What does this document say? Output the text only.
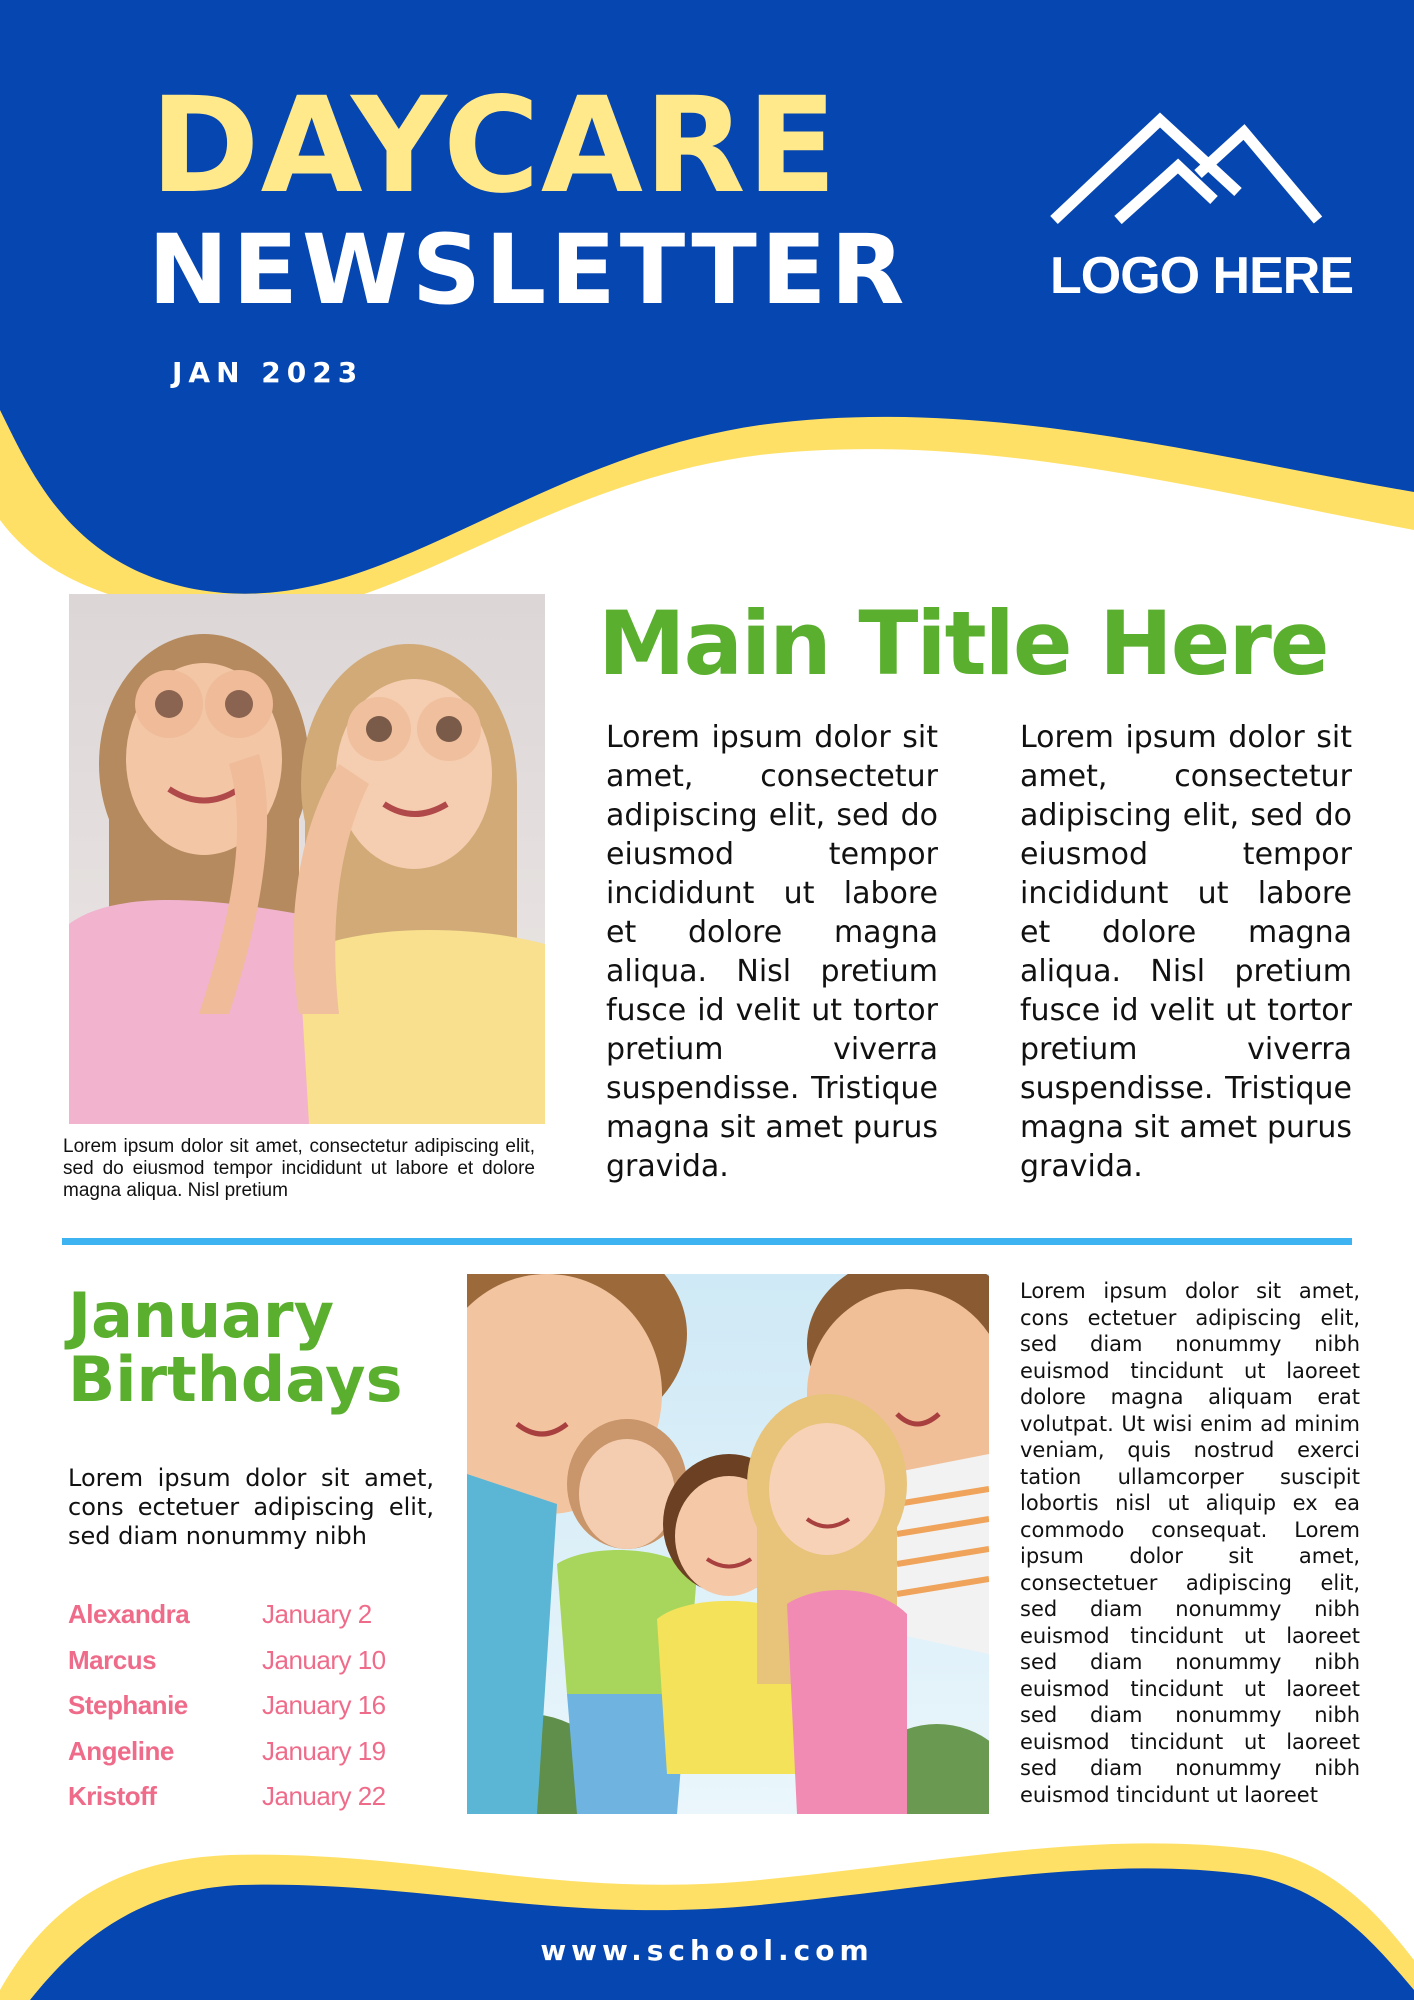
DAYCARE
NEWSLETTER
JAN 2023
LOGO HERE
Lorem ipsum dolor sit amet, consectetur adipiscing elit, sed do eiusmod tempor incididunt ut labore et dolore magna aliqua. Nisl pretium
Main Title Here
Lorem ipsum dolor sit amet, consectetur adipiscing elit, sed do eiusmod tempor incididunt ut labore et dolore magna aliqua. Nisl pretium fusce id velit ut tortor pretium viverra suspendisse. Tristique magna sit amet purus gravida.
Lorem ipsum dolor sit amet, consectetur adipiscing elit, sed do eiusmod tempor incididunt ut labore et dolore magna aliqua. Nisl pretium fusce id velit ut tortor pretium viverra suspendisse. Tristique magna sit amet purus gravida.
January
Birthdays
Lorem ipsum dolor sit amet, cons ectetuer adipiscing elit, sed diam nonummy nibh
Alexandra	January 2
Marcus	January 10
Stephanie	January 16
Angeline	January 19
Kristoff	January 22
Lorem ipsum dolor sit amet, cons ectetuer adipiscing elit, sed diam nonummy nibh euismod tincidunt ut laoreet dolore magna aliquam erat volutpat. Ut wisi enim ad minim veniam, quis nostrud exerci tation ullamcorper suscipit lobortis nisl ut aliquip ex ea commodo consequat. Lorem ipsum dolor sit amet, consectetuer adipiscing elit, sed diam nonummy nibh euismod tincidunt ut laoreet sed diam nonummy nibh euismod tincidunt ut laoreet sed diam nonummy nibh euismod tincidunt ut laoreet sed diam nonummy nibh euismod tincidunt ut laoreet
www.school.com
